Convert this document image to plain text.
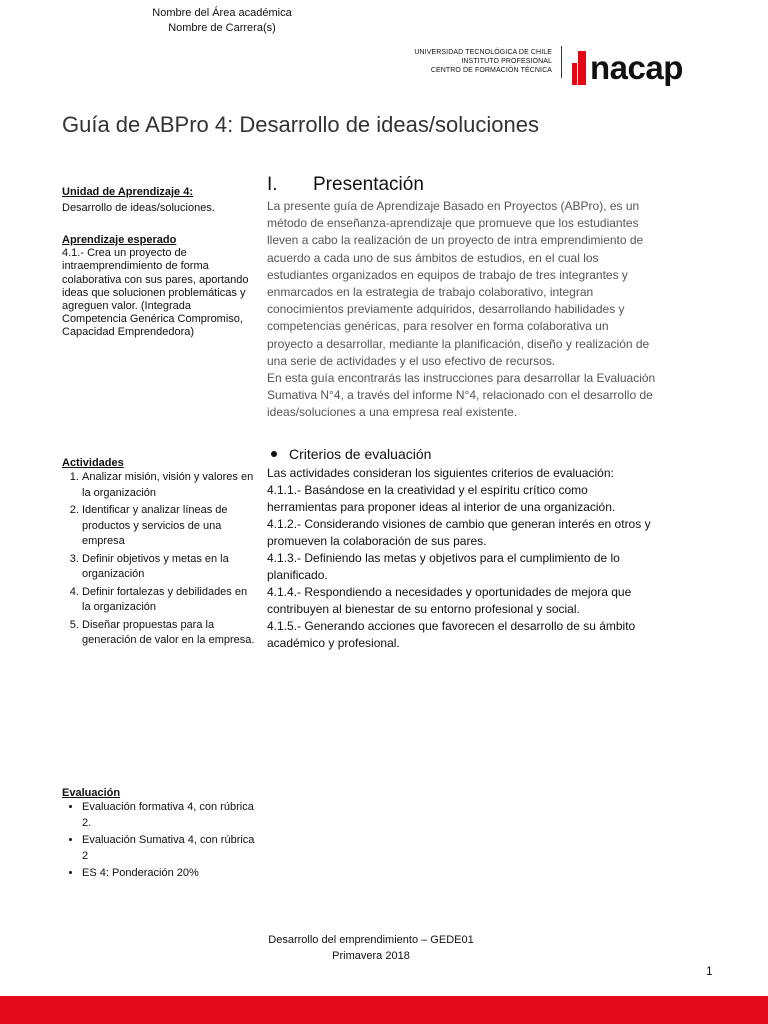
Nombre del Área académica
Nombre de Carrera(s)
UNIVERSIDAD TECNOLÓGICA DE CHILE
INSTITUTO PROFESIONAL
CENTRO DE FORMACIÓN TÉCNICA nacap
Guía de ABPro 4: Desarrollo de ideas/soluciones
Unidad de Aprendizaje 4:
Desarrollo de ideas/soluciones.
Aprendizaje esperado
4.1.- Crea un proyecto de intraemprendimiento de forma colaborativa con sus pares, aportando ideas que solucionen problemáticas y agreguen valor. (Integrada Competencia Genérica Compromiso, Capacidad Emprendedora)
Actividades
1. Analizar misión, visión y valores en la organización
2. Identificar y analizar líneas de productos y servicios de una empresa
3. Definir objetivos y metas en la organización
4. Definir fortalezas y debilidades en la organización
5. Diseñar propuestas para la generación de valor en la empresa.
Evaluación
• Evaluación formativa 4, con rúbrica 2.
• Evaluación Sumativa 4, con rúbrica 2
• ES 4: Ponderación 20%
I.	Presentación
La presente guía de Aprendizaje Basado en Proyectos (ABPro), es un método de enseñanza-aprendizaje que promueve que los estudiantes lleven a cabo la realización de un proyecto de intra emprendimiento de acuerdo a cada uno de sus ámbitos de estudios, en el cual los estudiantes organizados en equipos de trabajo de tres integrantes y enmarcados en la estrategia de trabajo colaborativo, integran conocimientos previamente adquiridos, desarrollando habilidades y competencias genéricas, para resolver en forma colaborativa un proyecto a desarrollar, mediante la planificación, diseño y realización de una serie de actividades y el uso efectivo de recursos.
En esta guía encontrarás las instrucciones para desarrollar la Evaluación Sumativa N°4, a través del informe N°4, relacionado con el desarrollo de ideas/soluciones a una empresa real existente.
Criterios de evaluación
Las actividades consideran los siguientes criterios de evaluación:
4.1.1.- Basándose en la creatividad y el espíritu crítico como herramientas para proponer ideas al interior de una organización.
4.1.2.- Considerando visiones de cambio que generan interés en otros y promueven la colaboración de sus pares.
4.1.3.- Definiendo las metas y objetivos para el cumplimiento de lo planificado.
4.1.4.- Respondiendo a necesidades y oportunidades de mejora que contribuyen al bienestar de su entorno profesional y social.
4.1.5.- Generando acciones que favorecen el desarrollo de su ámbito académico y profesional.
Desarrollo del emprendimiento – GEDE01
Primavera 2018
1
